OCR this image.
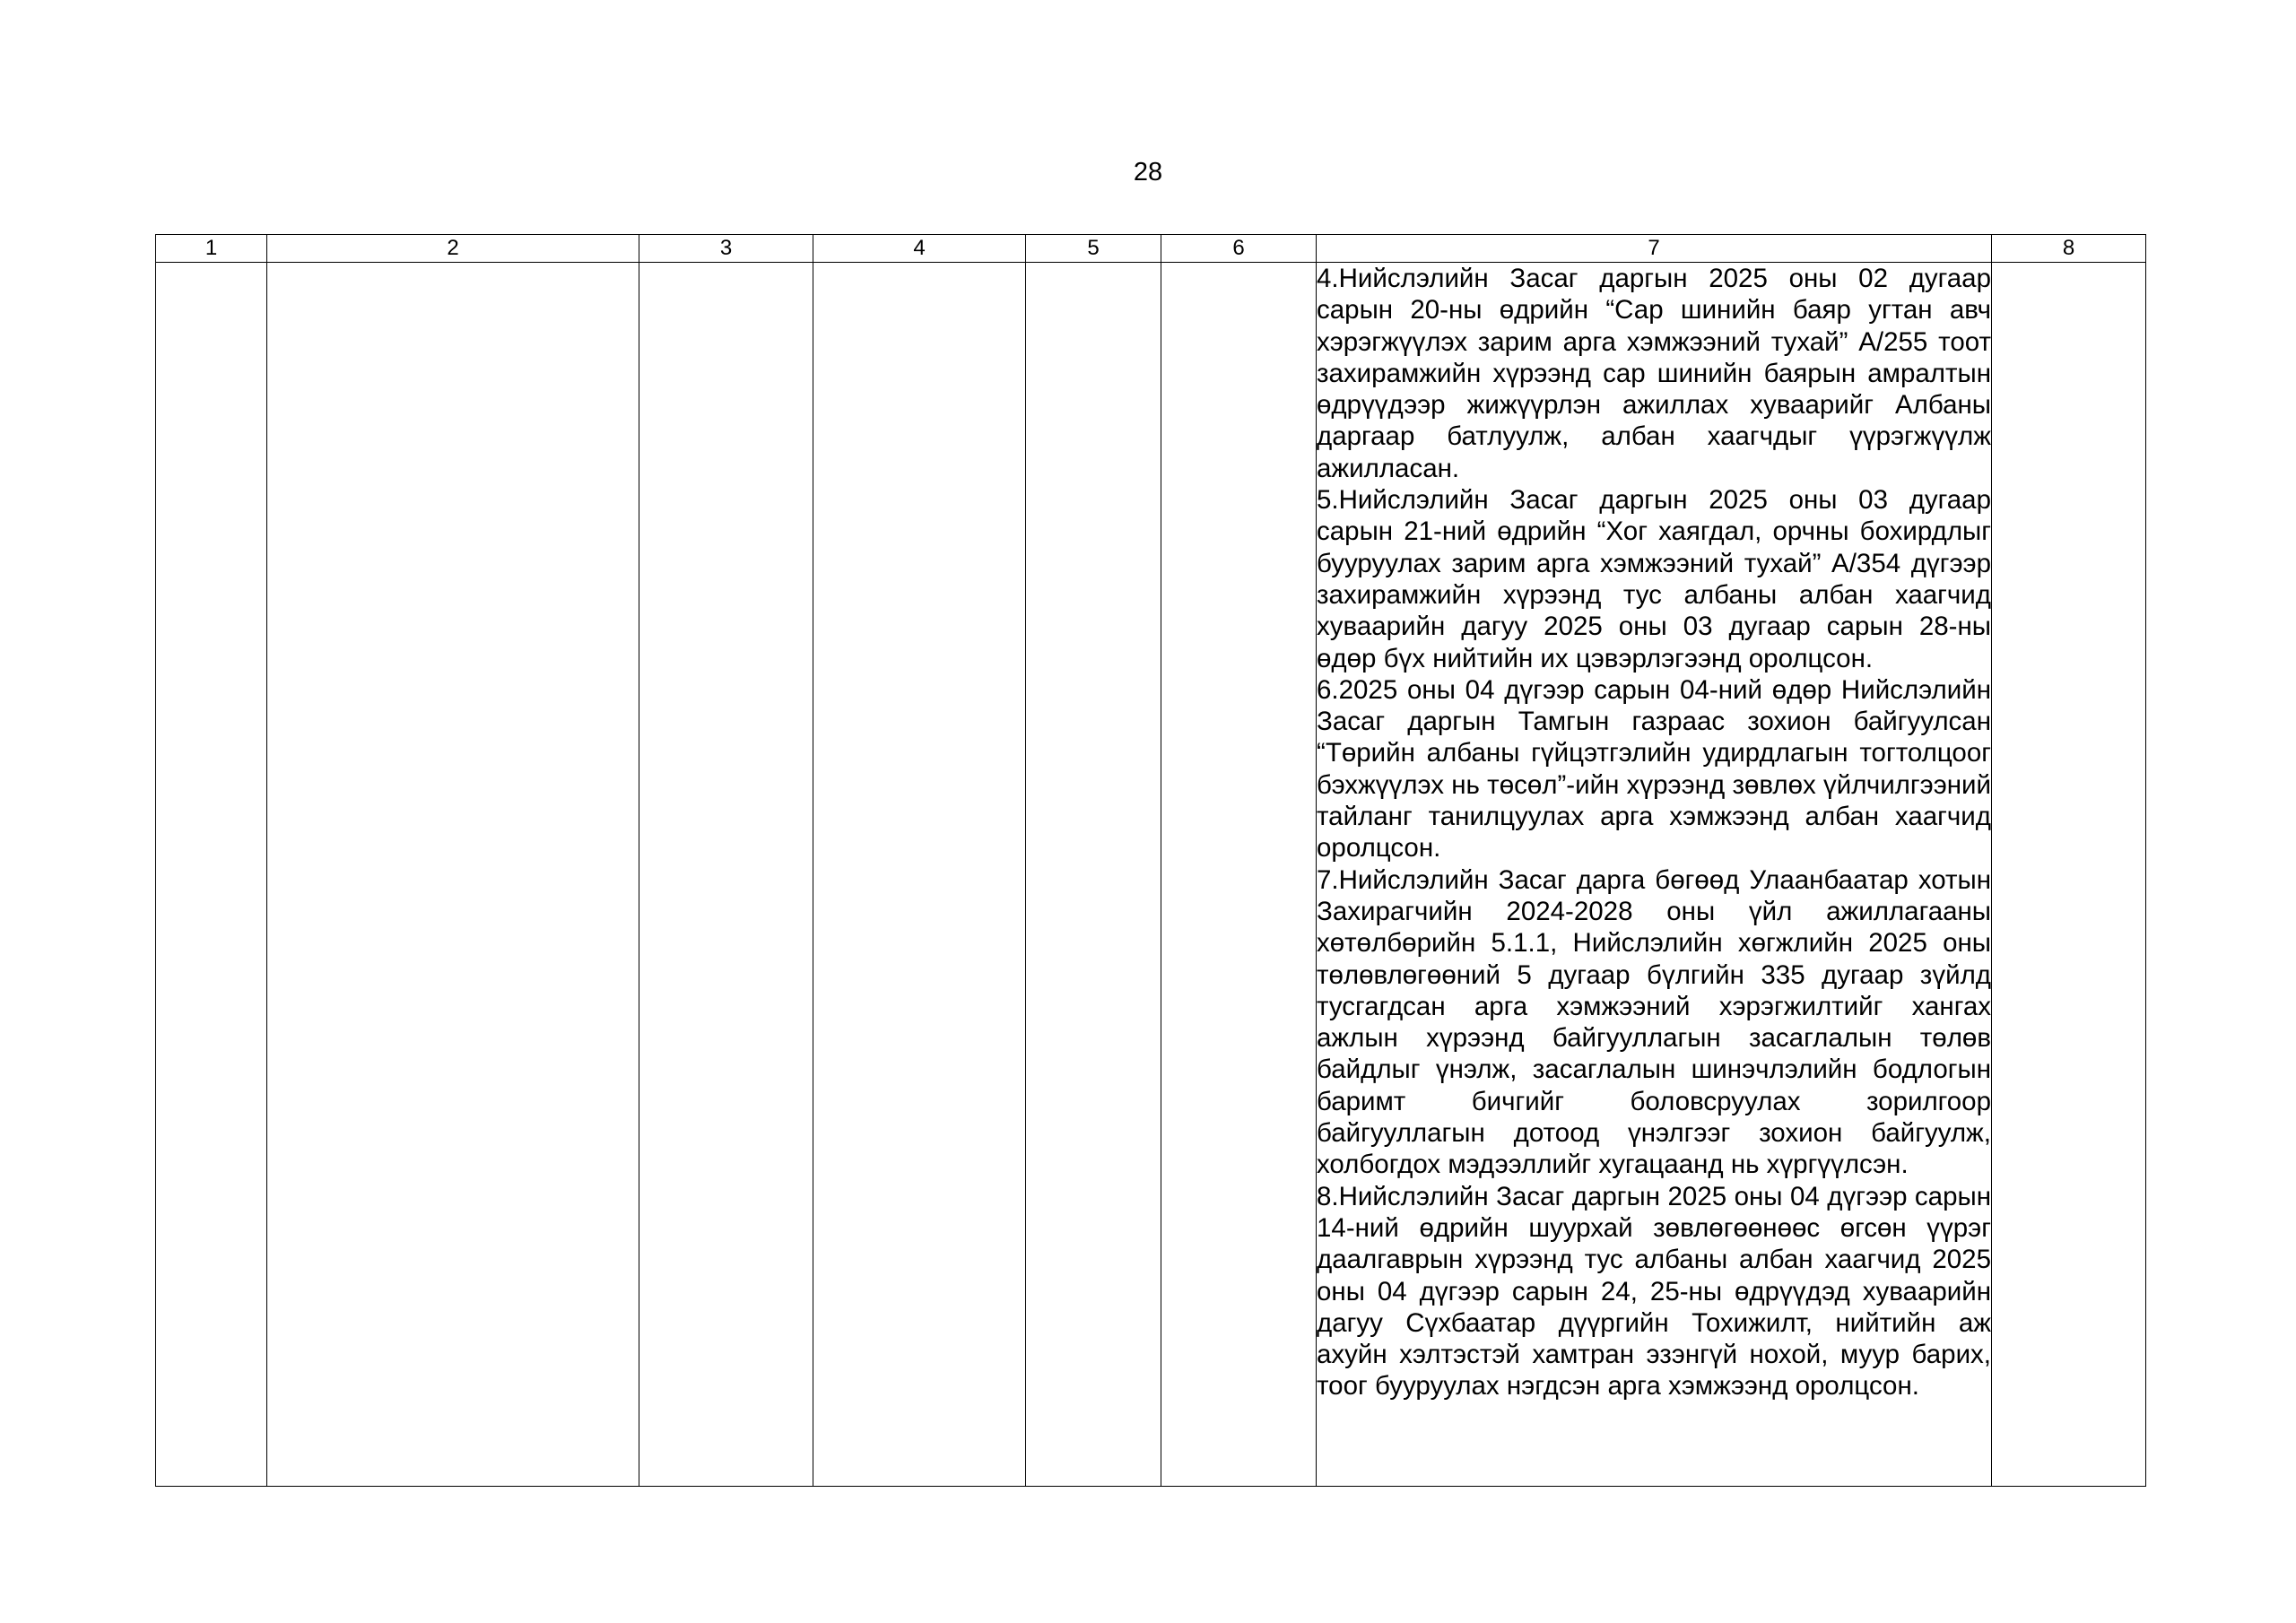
28
1	2	3	4	5	6	7	8

						4.Нийслэлийн Засаг даргын 2025 оны 02 дугаар сарын 20-ны өдрийн “Сар шинийн баяр угтан авч хэрэгжүүлэх зарим арга хэмжээний тухай” А/255 тоот захирамжийн хүрээнд сар шинийн баярын амралтын өдрүүдээр жижүүрлэн ажиллах хуваарийг Албаны даргаар батлуулж, албан хаагчдыг үүрэгжүүлж ажилласан.

5.Нийслэлийн Засаг даргын 2025 оны 03 дугаар сарын 21-ний өдрийн “Хог хаягдал, орчны бохирдлыг бууруулах зарим арга хэмжээний тухай” А/354 дүгээр захирамжийн хүрээнд тус албаны албан хаагчид хуваарийн дагуу 2025 оны 03 дугаар сарын 28-ны өдөр бүх нийтийн их цэвэрлэгээнд оролцсон.

6.2025 оны 04 дүгээр сарын 04-ний өдөр Нийслэлийн Засаг даргын Тамгын газраас зохион байгуулсан “Төрийн албаны гүйцэтгэлийн удирдлагын тогтолцоог бэхжүүлэх нь төсөл”-ийн хүрээнд зөвлөх үйлчилгээний тайланг танилцуулах арга хэмжээнд албан хаагчид оролцсон.

7.Нийслэлийн Засаг дарга бөгөөд Улаанбаатар хотын Захирагчийн 2024-2028 оны үйл ажиллагааны хөтөлбөрийн 5.1.1, Нийслэлийн хөгжлийн 2025 оны төлөвлөгөөний 5 дугаар бүлгийн 335 дугаар зүйлд тусгагдсан арга хэмжээний хэрэгжилтийг хангах ажлын хүрээнд байгууллагын засаглалын төлөв байдлыг үнэлж, засаглалын шинэчлэлийн бодлогын баримт бичгийг боловсруулах зорилгоор байгууллагын дотоод үнэлгээг зохион байгуулж, холбогдох мэдээллийг хугацаанд нь хүргүүлсэн.

8.Нийслэлийн Засаг даргын 2025 оны 04 дүгээр сарын 14-ний өдрийн шуурхай зөвлөгөөнөөс өгсөн үүрэг даалгаврын хүрээнд тус албаны албан хаагчид 2025 оны 04 дүгээр сарын 24, 25-ны өдрүүдэд хуваарийн дагуу Сүхбаатар дүүргийн Тохижилт, нийтийн аж ахуйн хэлтэстэй хамтран эзэнгүй нохой, муур барих, тоог бууруулах нэгдсэн арга хэмжээнд оролцсон.	
